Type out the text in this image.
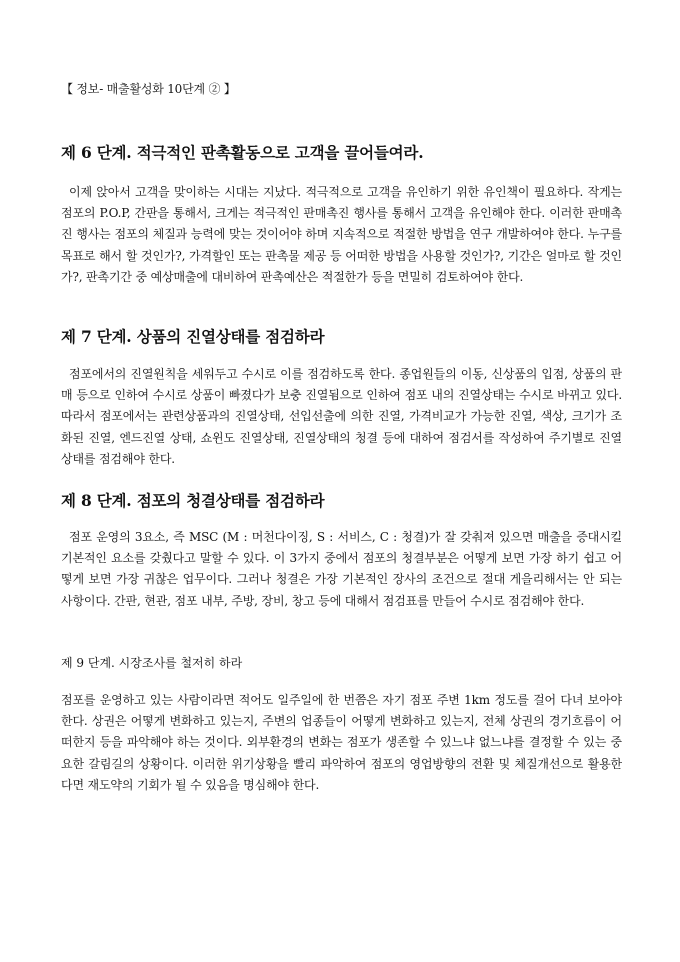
【 정보- 매출활성화 10단계 ② 】
제 6 단계. 적극적인 판촉활동으로 고객을 끌어들여라.

이제 앉아서 고객을 맞이하는 시대는 지났다. 적극적으로 고객을 유인하기 위한 유인책이 필요하다. 작게는 점포의 P.O.P, 간판을 통해서, 크게는 적극적인 판매촉진 행사를 통해서 고객을 유인해야 한다. 이러한 판매촉진 행사는 점포의 체질과 능력에 맞는 것이어야 하며 지속적으로 적절한 방법을 연구 개발하여야 한다. 누구를 목표로 해서 할 것인가?, 가격할인 또는 판촉물 제공 등 어떠한 방법을 사용할 것인가?, 기간은 얼마로 할 것인가?, 판촉기간 중 예상매출에 대비하여 판촉예산은 적절한가 등을 면밀히 검토하여야 한다.

제 7 단계. 상품의 진열상태를 점검하라

점포에서의 진열원칙을 세워두고 수시로 이를 점검하도록 한다. 종업원들의 이동, 신상품의 입점, 상품의 판매 등으로 인하여 수시로 상품이 빠졌다가 보충 진열됨으로 인하여 점포 내의 진열상태는 수시로 바뀌고 있다. 따라서 점포에서는 관련상품과의 진열상태, 선입선출에 의한 진열, 가격비교가 가능한 진열, 색상, 크기가 조화된 진열, 엔드진열 상태, 쇼윈도 진열상태, 진열상태의 청결 등에 대하여 점검서를 작성하여 주기별로 진열상태를 점검해야 한다.

제 8 단계. 점포의 청결상태를 점검하라

점포 운영의 3요소, 즉 MSC (M : 머천다이징, S : 서비스, C : 청결)가 잘 갖춰져 있으면 매출을 증대시킬 기본적인 요소를 갖췄다고 말할 수 있다. 이 3가지 중에서 점포의 청결부분은 어떻게 보면 가장 하기 쉽고 어떻게 보면 가장 귀찮은 업무이다. 그러나 청결은 가장 기본적인 장사의 조건으로 절대 게을리해서는 안 되는 사항이다. 간판, 현관, 점포 내부, 주방, 장비, 창고 등에 대해서 점검표를 만들어 수시로 점검해야 한다.

제 9 단계. 시장조사를 철저히 하라

점포를 운영하고 있는 사람이라면 적어도 일주일에 한 번쯤은 자기 점포 주변 1km 정도를 걸어 다녀 보아야 한다. 상권은 어떻게 변화하고 있는지, 주변의 업종들이 어떻게 변화하고 있는지, 전체 상권의 경기흐름이 어떠한지 등을 파악해야 하는 것이다. 외부환경의 변화는 점포가 생존할 수 있느냐 없느냐를 결정할 수 있는 중요한 갈림길의 상황이다. 이러한 위기상황을 빨리 파악하여 점포의 영업방향의 전환 및 체질개선으로 활용한다면 재도약의 기회가 될 수 있음을 명심해야 한다.
